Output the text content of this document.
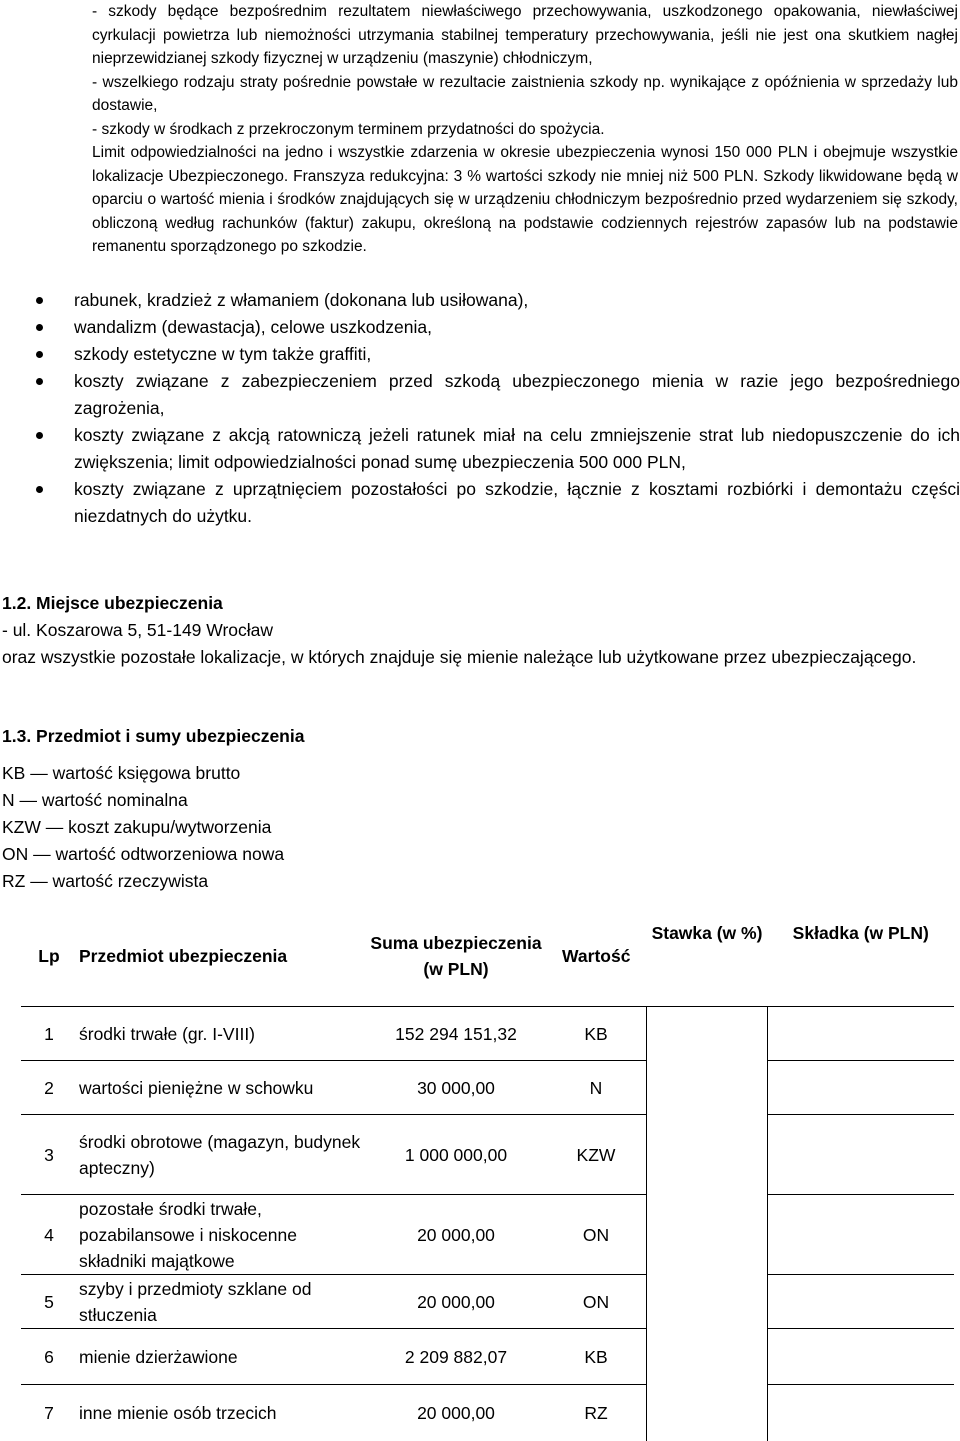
- szkody będące bezpośrednim rezultatem niewłaściwego przechowywania, uszkodzonego opakowania, niewłaściwej cyrkulacji powietrza lub niemożności utrzymania stabilnej temperatury przechowywania, jeśli nie jest ona skutkiem nagłej nieprzewidzianej szkody fizycznej w urządzeniu (maszynie) chłodniczym,

- wszelkiego rodzaju straty pośrednie powstałe w rezultacie zaistnienia szkody np. wynikające z opóźnienia w sprzedaży lub dostawie,

- szkody w środkach z przekroczonym terminem przydatności do spożycia.

Limit odpowiedzialności na jedno i wszystkie zdarzenia w okresie ubezpieczenia wynosi 150 000 PLN i obejmuje wszystkie lokalizacje Ubezpieczonego. Franszyza redukcyjna: 3 % wartości szkody nie mniej niż 500 PLN. Szkody likwidowane będą w oparciu o wartość mienia i środków znajdujących się w urządzeniu chłodniczym bezpośrednio przed wydarzeniem się szkody, obliczoną według rachunków (faktur) zakupu, określoną na podstawie codziennych rejestrów zapasów lub na podstawie remanentu sporządzonego po szkodzie.

rabunek, kradzież z włamaniem (dokonana lub usiłowana),
wandalizm (dewastacja), celowe uszkodzenia,
szkody estetyczne w tym także graffiti,
koszty związane z zabezpieczeniem przed szkodą ubezpieczonego mienia w razie jego bezpośredniego zagrożenia,
koszty związane z akcją ratowniczą jeżeli ratunek miał na celu zmniejszenie strat lub niedopuszczenie do ich zwiększenia; limit odpowiedzialności ponad sumę ubezpieczenia 500 000 PLN,
koszty związane z uprzątnięciem pozostałości po szkodzie, łącznie z kosztami rozbiórki i demontażu części niezdatnych do użytku.

1.2. Miejsce ubezpieczenia

- ul. Koszarowa 5, 51-149 Wrocław

oraz wszystkie pozostałe lokalizacje, w których znajduje się mienie należące lub użytkowane przez ubezpieczającego.

1.3. Przedmiot i sumy ubezpieczenia

KB — wartość księgowa brutto

N — wartość nominalna

KZW — koszt zakupu/wytworzenia

ON — wartość odtworzeniowa nowa

RZ — wartość rzeczywista

Lp	Przedmiot ubezpieczenia	Suma ubezpieczenia (w PLN)	Wartość	Stawka (w %)	Składka (w PLN)
1	środki trwałe (gr. I-VIII)	152 294 151,32	KB		
2	wartości pieniężne w schowku	30 000,00	N		
3	środki obrotowe (magazyn, budynek apteczny)	1 000 000,00	KZW		
4	pozostałe środki trwałe, pozabilansowe i niskocenne składniki majątkowe	20 000,00	ON		
5	szyby i przedmioty szklane od stłuczenia	20 000,00	ON		
6	mienie dzierżawione	2 209 882,07	KB		
7	inne mienie osób trzecich	20 000,00	RZ		
